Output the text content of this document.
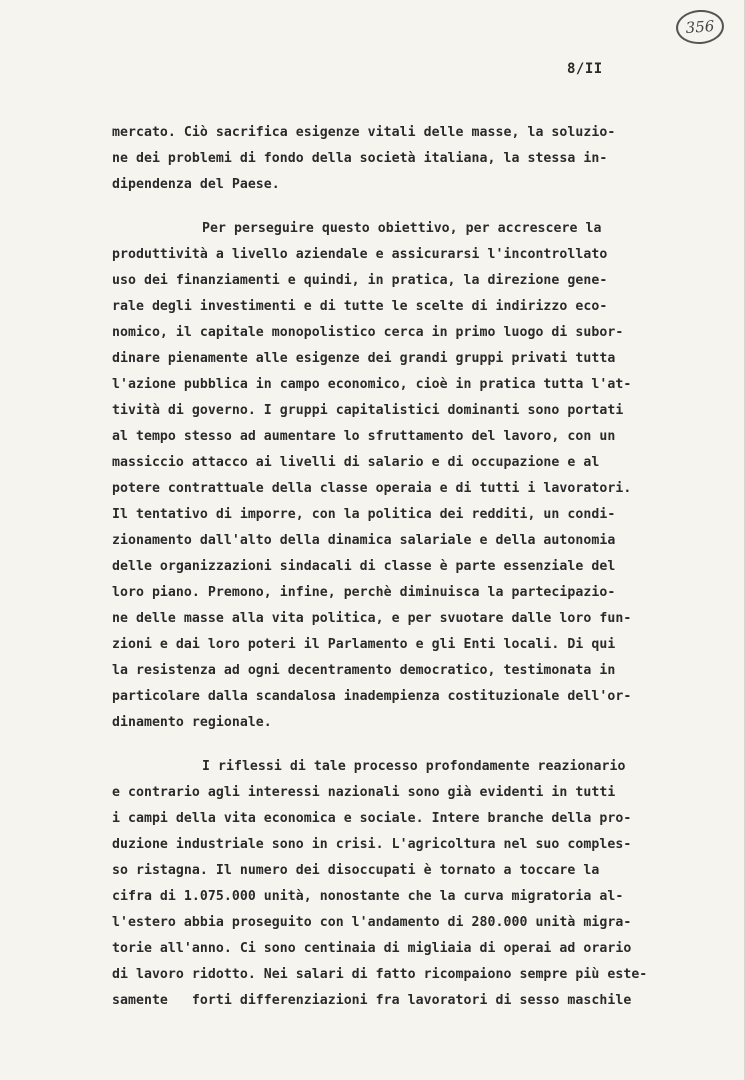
356
8/II
mercato. Ciò sacrifica esigenze vitali delle masse, la soluzio-
ne dei problemi di fondo della società italiana, la stessa in-
dipendenza del Paese.
Per perseguire questo obiettivo, per accrescere la
produttività a livello aziendale e assicurarsi l'incontrollato
uso dei finanziamenti e quindi, in pratica, la direzione gene-
rale degli investimenti e di tutte le scelte di indirizzo eco-
nomico, il capitale monopolistico cerca in primo luogo di subor-
dinare pienamente alle esigenze dei grandi gruppi privati tutta
l'azione pubblica in campo economico, cioè in pratica tutta l'at-
tività di governo. I gruppi capitalistici dominanti sono portati
al tempo stesso ad aumentare lo sfruttamento del lavoro, con un
massiccio attacco ai livelli di salario e di occupazione e al
potere contrattuale della classe operaia e di tutti i lavoratori.
Il tentativo di imporre, con la politica dei redditi, un condi-
zionamento dall'alto della dinamica salariale e della autonomia
delle organizzazioni sindacali di classe è parte essenziale del
loro piano. Premono, infine, perchè diminuisca la partecipazio-
ne delle masse alla vita politica, e per svuotare dalle loro fun-
zioni e dai loro poteri il Parlamento e gli Enti locali. Di qui
la resistenza ad ogni decentramento democratico, testimonata in
particolare dalla scandalosa inadempienza costituzionale dell'or-
dinamento regionale.
I riflessi di tale processo profondamente reazionario
e contrario agli interessi nazionali sono già evidenti in tutti
i campi della vita economica e sociale. Intere branche della pro-
duzione industriale sono in crisi. L'agricoltura nel suo comples-
so ristagna. Il numero dei disoccupati è tornato a toccare la
cifra di 1.075.000 unità, nonostante che la curva migratoria al-
l'estero abbia proseguito con l'andamento di 280.000 unità migra-
torie all'anno. Ci sono centinaia di migliaia di operai ad orario
di lavoro ridotto. Nei salari di fatto ricompaiono sempre più este-
samente   forti differenziazioni fra lavoratori di sesso maschile
